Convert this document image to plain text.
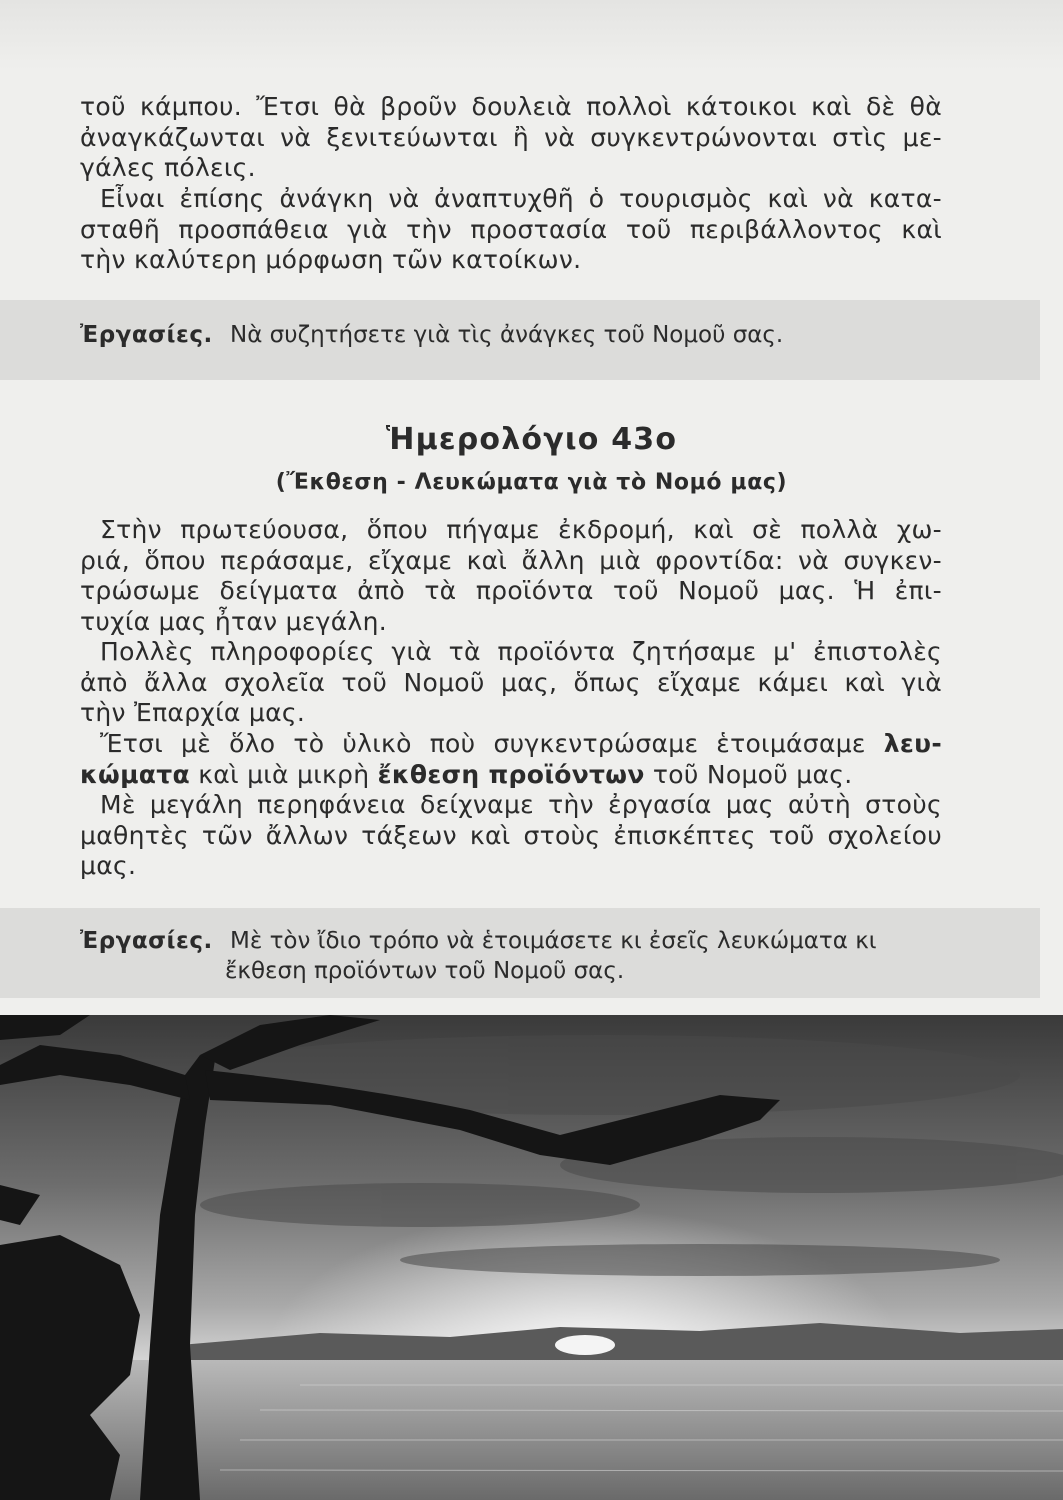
τοῦ κάμπου. Ἔτσι θὰ βροῦν δουλειὰ πολλοὶ κάτοικοι καὶ δὲ θὰ
ἀναγκάζωνται νὰ ξενιτεύωνται ἢ νὰ συγκεντρώνονται στὶς με-
γάλες πόλεις.
Εἶναι ἐπίσης ἀνάγκη νὰ ἀναπτυχθῆ ὁ τουρισμὸς καὶ νὰ κατα-
σταθῆ προσπάθεια γιὰ τὴν προστασία τοῦ περιβάλλοντος καὶ
τὴν καλύτερη μόρφωση τῶν κατοίκων.
Ἐργασίες. Νὰ συζητήσετε γιὰ τὶς ἀνάγκες τοῦ Νομοῦ σας.
Ἡμερολόγιο 43ο
(Ἔκθεση - Λευκώματα γιὰ τὸ Νομό μας)
Στὴν πρωτεύουσα, ὅπου πήγαμε ἐκδρομή, καὶ σὲ πολλὰ χω-
ριά, ὅπου περάσαμε, εἴχαμε καὶ ἄλλη μιὰ φροντίδα: νὰ συγκεν-
τρώσωμε δείγματα ἀπὸ τὰ προϊόντα τοῦ Νομοῦ μας. Ἡ ἐπι-
τυχία μας ἦταν μεγάλη.
Πολλὲς πληροφορίες γιὰ τὰ προϊόντα ζητήσαμε μ' ἐπιστολὲς
ἀπὸ ἄλλα σχολεῖα τοῦ Νομοῦ μας, ὅπως εἴχαμε κάμει καὶ γιὰ
τὴν Ἐπαρχία μας.
Ἔτσι μὲ ὅλο τὸ ὑλικὸ ποὺ συγκεντρώσαμε ἑτοιμάσαμε λευ-
κώματα καὶ μιὰ μικρὴ ἔκθεση προϊόντων τοῦ Νομοῦ μας.
Μὲ μεγάλη περηφάνεια δείχναμε τὴν ἐργασία μας αὐτὴ στοὺς
μαθητὲς τῶν ἄλλων τάξεων καὶ στοὺς ἐπισκέπτες τοῦ σχολείου
μας.
Ἐργασίες. Μὲ τὸν ἴδιο τρόπο νὰ ἑτοιμάσετε κι ἐσεῖς λευκώματα κι
ἔκθεση προϊόντων τοῦ Νομοῦ σας.
